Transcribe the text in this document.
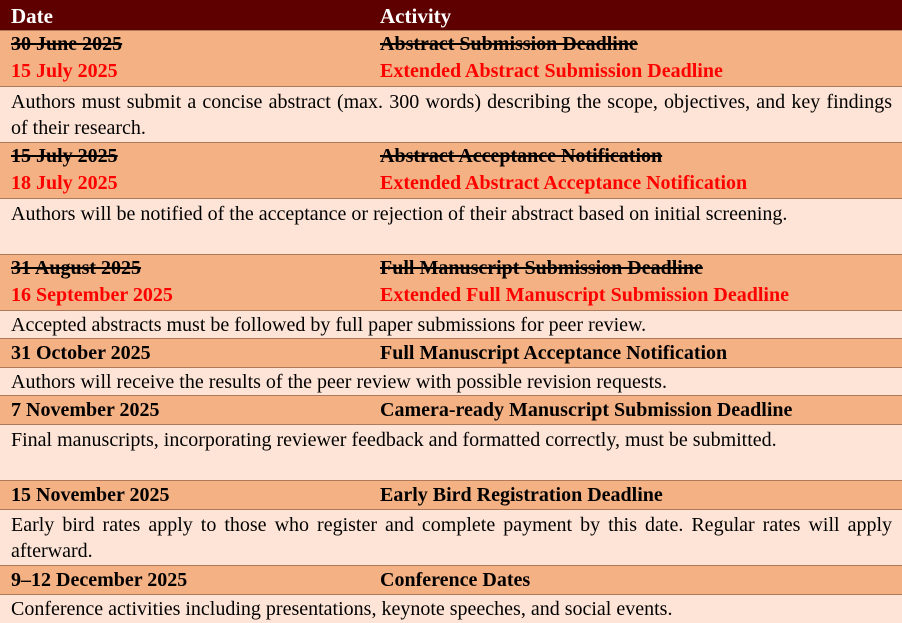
Date	Activity
30 June 2025	Abstract Submission Deadline
15 July 2025	Extended Abstract Submission Deadline
Authors must submit a concise abstract (max. 300 words) describing the scope, objectives, and key findings of their research.
15 July 2025	Abstract Acceptance Notification
18 July 2025	Extended Abstract Acceptance Notification
Authors will be notified of the acceptance or rejection of their abstract based on initial screening.
31 August 2025	Full Manuscript Submission Deadline
16 September 2025	Extended Full Manuscript Submission Deadline
Accepted abstracts must be followed by full paper submissions for peer review.
31 October 2025	Full Manuscript Acceptance Notification
Authors will receive the results of the peer review with possible revision requests.
7 November 2025	Camera-ready Manuscript Submission Deadline
Final manuscripts, incorporating reviewer feedback and formatted correctly, must be submitted.
15 November 2025	Early Bird Registration Deadline
Early bird rates apply to those who register and complete payment by this date. Regular rates will apply afterward.
9–12 December 2025	Conference Dates
Conference activities including presentations, keynote speeches, and social events.
